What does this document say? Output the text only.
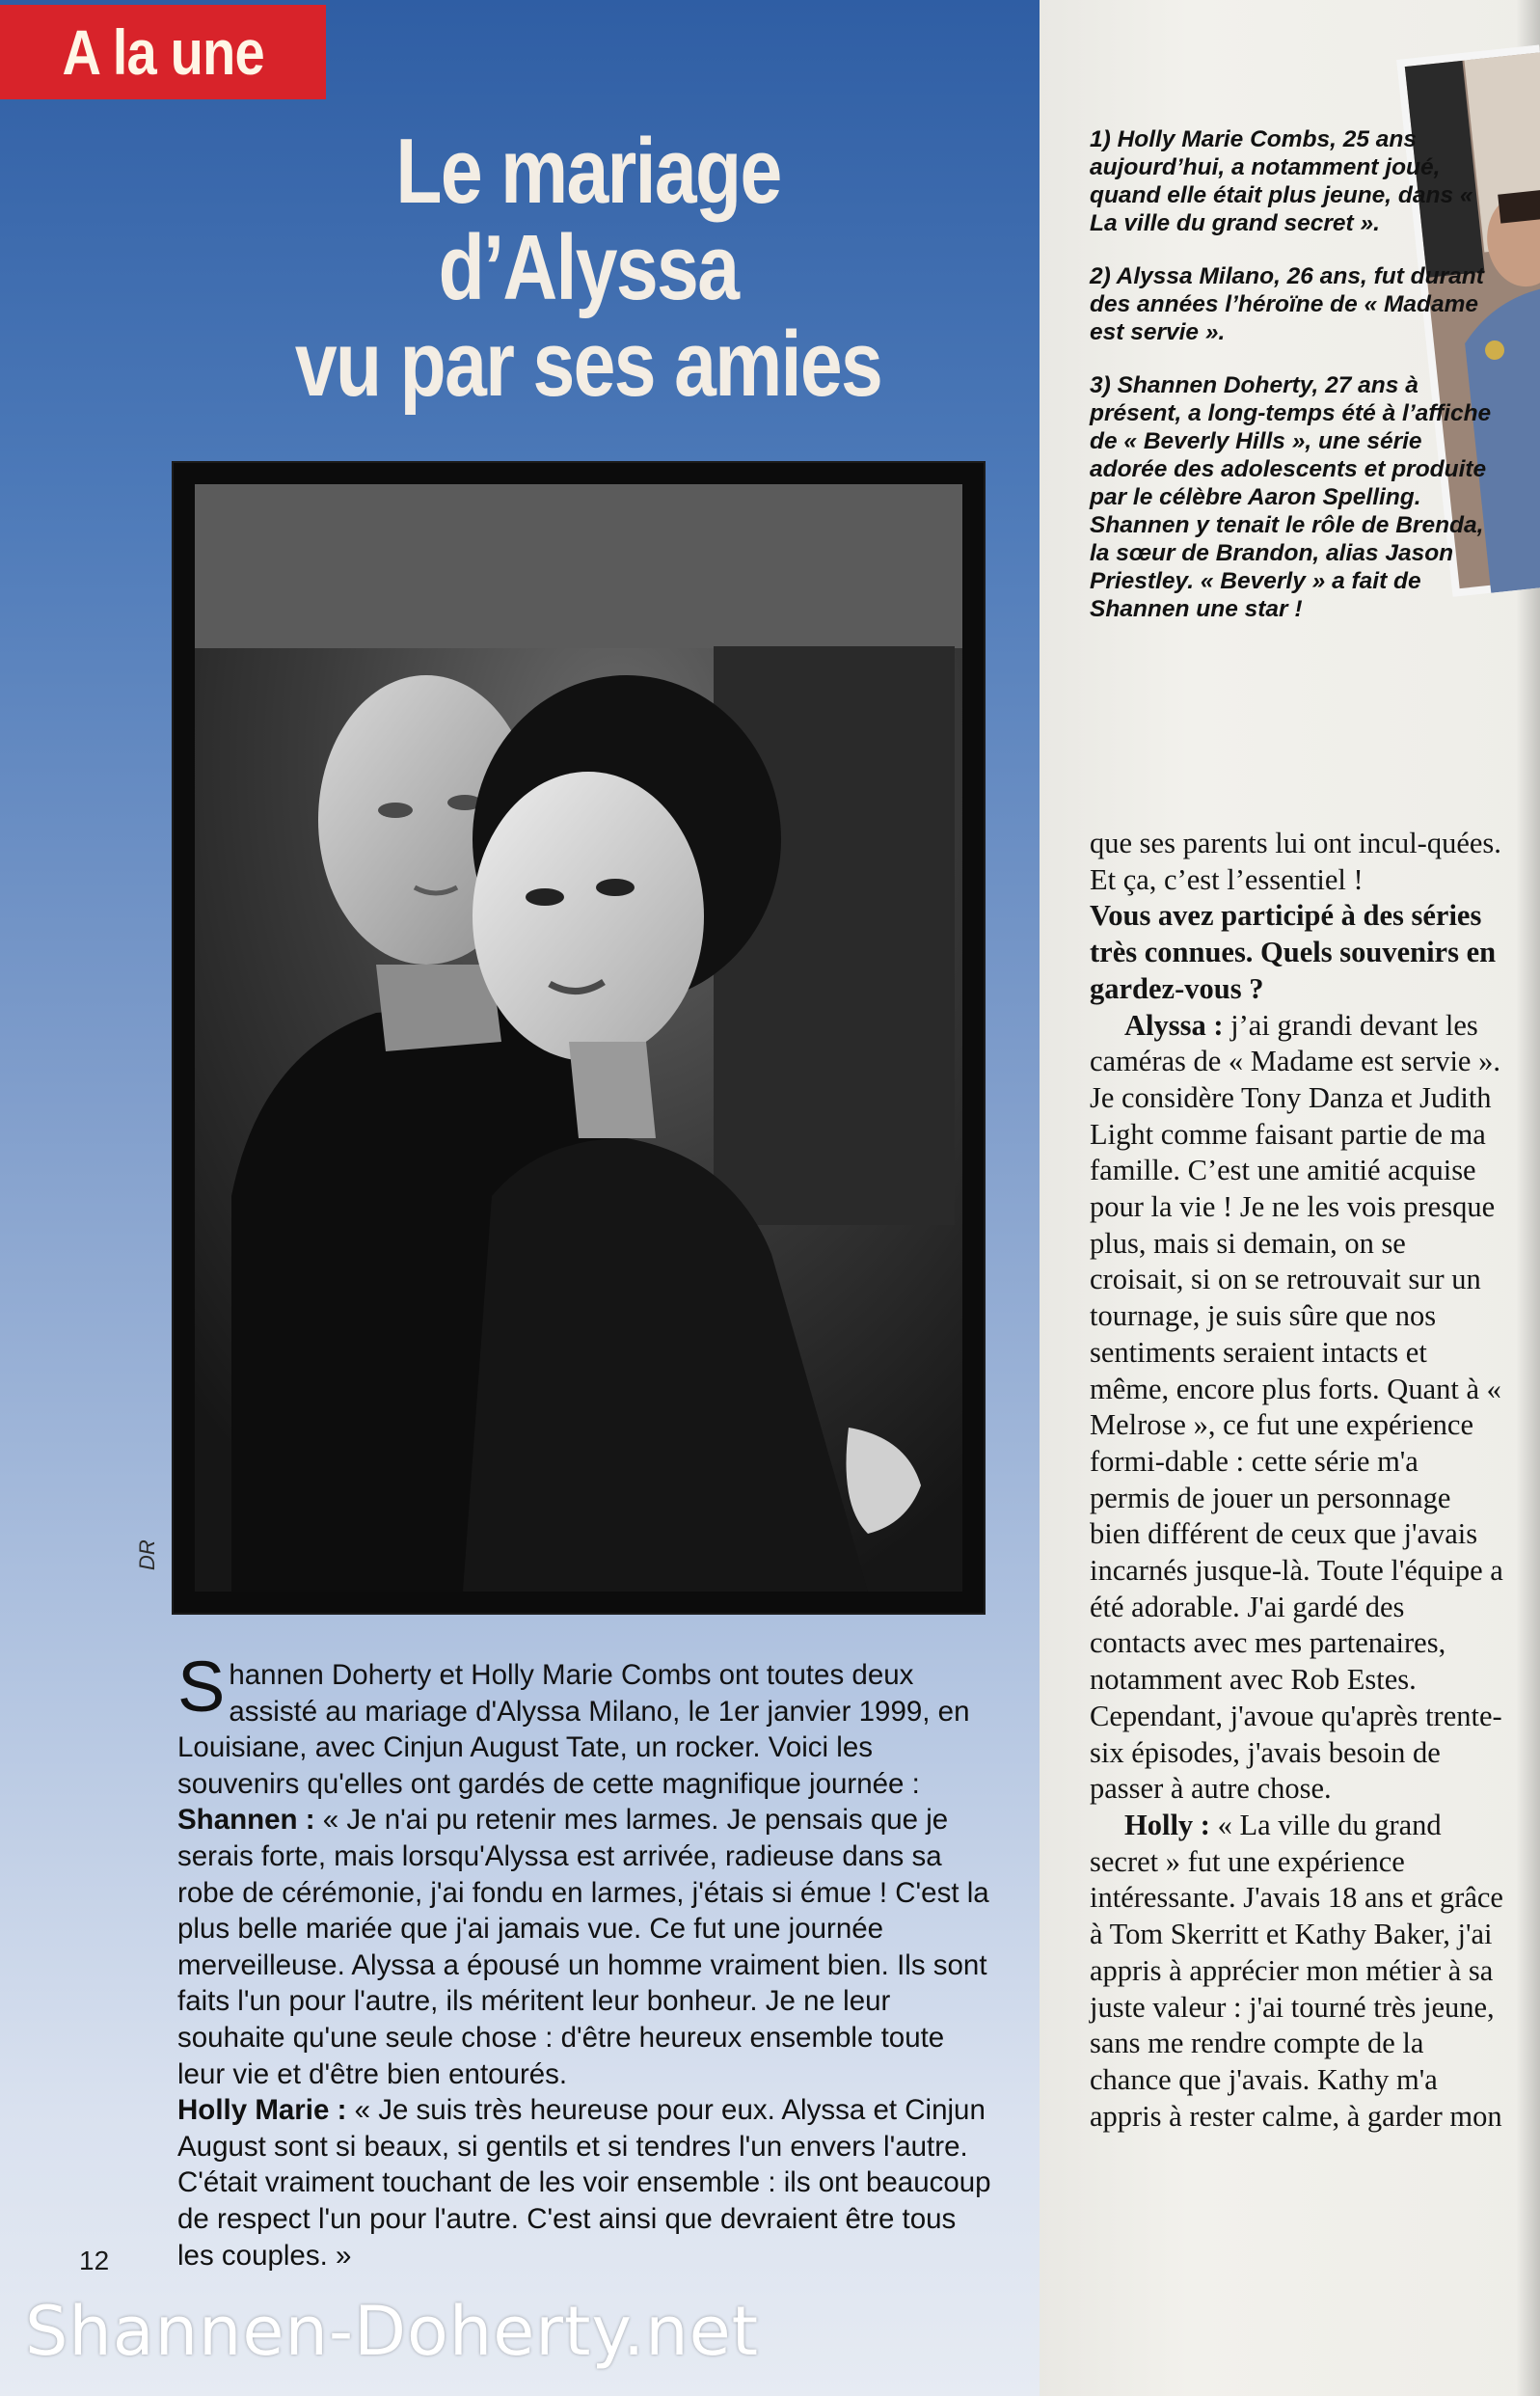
A la une
Le mariage
d’Alyssa
vu par ses amies
DR

Shannen Doherty et Holly Marie Combs ont toutes deux assisté au mariage d'Alyssa Milano, le 1er janvier 1999, en Louisiane, avec Cinjun August Tate, un rocker. Voici les souvenirs qu'elles ont gardés de cette magnifique journée :

Shannen : « Je n'ai pu retenir mes larmes. Je pensais que je serais forte, mais lorsqu'Alyssa est arrivée, radieuse dans sa robe de cérémonie, j'ai fondu en larmes, j'étais si émue ! C'est la plus belle mariée que j'ai jamais vue. Ce fut une journée merveilleuse. Alyssa a épousé un homme vraiment bien. Ils sont faits l'un pour l'autre, ils méritent leur bonheur. Je ne leur souhaite qu'une seule chose : d'être heureux ensemble toute leur vie et d'être bien entourés.

Holly Marie : « Je suis très heureuse pour eux. Alyssa et Cinjun August sont si beaux, si gentils et si tendres l'un envers l'autre. C'était vraiment touchant de les voir ensemble : ils ont beaucoup de respect l'un pour l'autre. C'est ainsi que devraient être tous les couples. »

12
Shannen-Doherty.net

1) Holly Marie Combs, 25 ans aujourd’hui, a notamment joué, quand elle était plus jeune, dans « La ville du grand secret ».

2) Alyssa Milano, 26 ans, fut durant des années l’héroïne de « Madame est servie ».

3) Shannen Doherty, 27 ans à présent, a long-temps été à l’affiche de « Beverly Hills », une série adorée des adolescents et produite par le célèbre Aaron Spelling. Shannen y tenait le rôle de Brenda, la sœur de Brandon, alias Jason Priestley. « Beverly » a fait de Shannen une star !

que ses parents lui ont incul-quées. Et ça, c’est l’essentiel !

Vous avez participé à des séries très connues. Quels souvenirs en gardez-vous ?

Alyssa : j’ai grandi devant les caméras de « Madame est servie ». Je considère Tony Danza et Judith Light comme faisant partie de ma famille. C’est une amitié acquise pour la vie ! Je ne les vois presque plus, mais si demain, on se croisait, si on se retrouvait sur un tournage, je suis sûre que nos sentiments seraient intacts et même, encore plus forts. Quant à « Melrose », ce fut une expérience formi-dable : cette série m'a permis de jouer un personnage bien différent de ceux que j'avais incarnés jusque-là. Toute l'équipe a été adorable. J'ai gardé des contacts avec mes partenaires, notamment avec Rob Estes. Cependant, j'avoue qu'après trente-six épisodes, j'avais besoin de passer à autre chose.

Holly : « La ville du grand secret » fut une expérience intéressante. J'avais 18 ans et grâce à Tom Skerritt et Kathy Baker, j'ai appris à apprécier mon métier à sa juste valeur : j'ai tourné très jeune, sans me rendre compte de la chance que j'avais. Kathy m'a appris à rester calme, à garder mon
